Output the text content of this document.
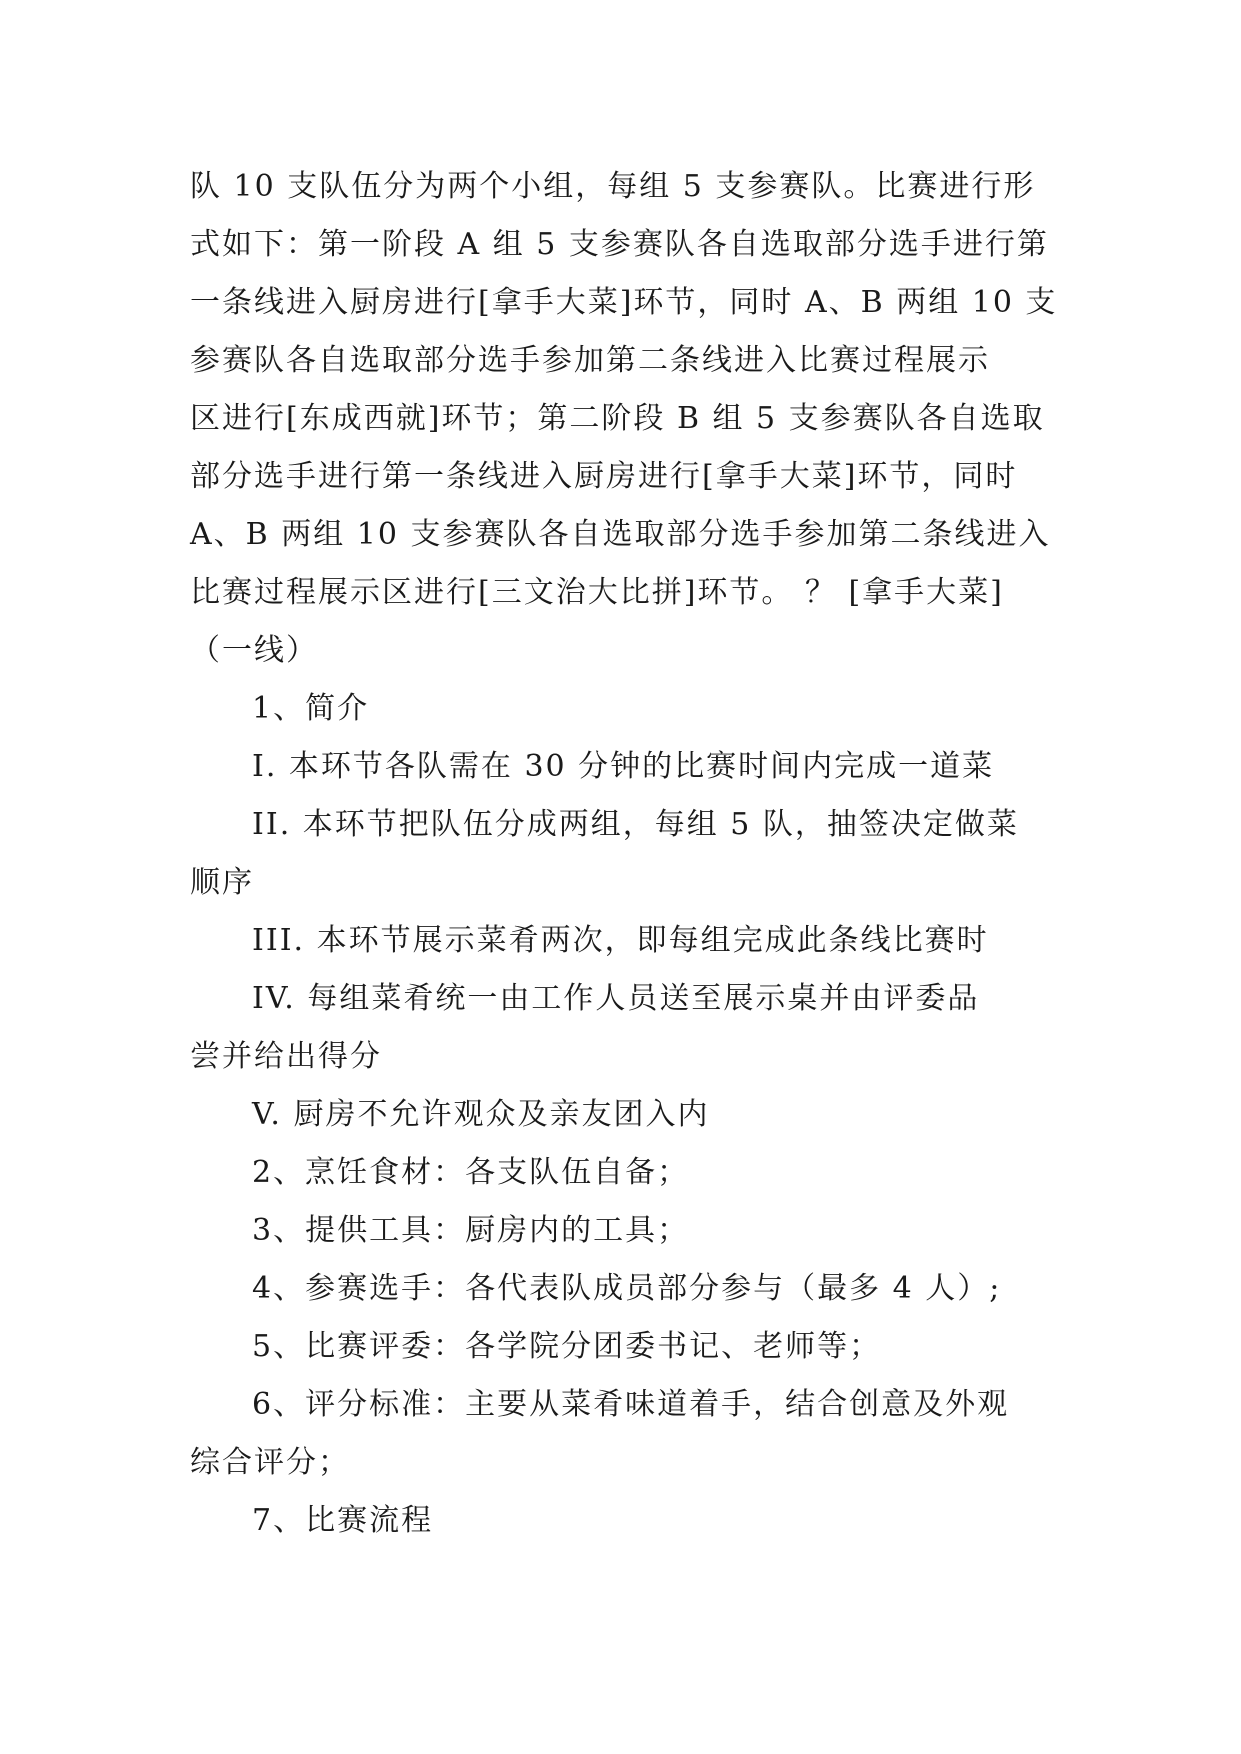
队 10 支队伍分为两个小组，每组 5 支参赛队。比赛进行形
式如下：第一阶段 A 组 5 支参赛队各自选取部分选手进行第
一条线进入厨房进行[拿手大菜]环节，同时 A、B 两组 10 支
参赛队各自选取部分选手参加第二条线进入比赛过程展示
区进行[东成西就]环节；第二阶段 B 组 5 支参赛队各自选取
部分选手进行第一条线进入厨房进行[拿手大菜]环节，同时
A、B 两组 10 支参赛队各自选取部分选手参加第二条线进入
比赛过程展示区进行[三文治大比拼]环节。 ？ [拿手大菜]
（一线）
1、简介
I. 本环节各队需在 30 分钟的比赛时间内完成一道菜
II. 本环节把队伍分成两组，每组 5 队，抽签决定做菜
顺序
III. 本环节展示菜肴两次，即每组完成此条线比赛时
IV. 每组菜肴统一由工作人员送至展示桌并由评委品
尝并给出得分
V. 厨房不允许观众及亲友团入内
2、烹饪食材：各支队伍自备；
3、提供工具：厨房内的工具；
4、参赛选手：各代表队成员部分参与（最多 4 人）;
5、比赛评委：各学院分团委书记、老师等；
6、评分标准：主要从菜肴味道着手，结合创意及外观
综合评分；
7、比赛流程
